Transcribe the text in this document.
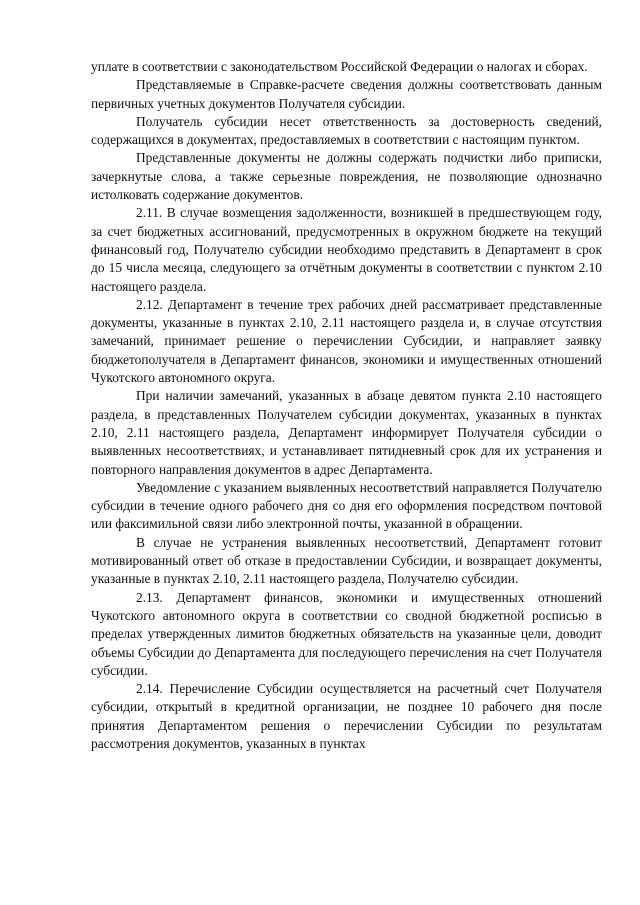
уплате в соответствии с законодательством Российской Федерации о налогах и сборах.

Представляемые в Справке-расчете сведения должны соответствовать данным первичных учетных документов Получателя субсидии.

Получатель субсидии несет ответственность за достоверность сведений, содержащихся в документах, предоставляемых в соответствии с настоящим пунктом.

Представленные документы не должны содержать подчистки либо приписки, зачеркнутые слова, а также серьезные повреждения, не позволяющие однозначно истолковать содержание документов.

2.11. В случае возмещения задолженности, возникшей в предшествующем году, за счет бюджетных ассигнований, предусмотренных в окружном бюджете на текущий финансовый год, Получателю субсидии необходимо представить в Департамент в срок до 15 числа месяца, следующего за отчётным документы в соответствии с пунктом 2.10 настоящего раздела.

2.12. Департамент в течение трех рабочих дней рассматривает представленные документы, указанные в пунктах 2.10, 2.11 настоящего раздела и, в случае отсутствия замечаний, принимает решение о перечислении Субсидии, и направляет заявку бюджетополучателя в Департамент финансов, экономики и имущественных отношений Чукотского автономного округа.

При наличии замечаний, указанных в абзаце девятом пункта 2.10 настоящего раздела, в представленных Получателем субсидии документах, указанных в пунктах 2.10, 2.11 настоящего раздела, Департамент информирует Получателя субсидии о выявленных несоответствиях, и устанавливает пятидневный срок для их устранения и повторного направления документов в адрес Департамента.

Уведомление с указанием выявленных несоответствий направляется Получателю субсидии в течение одного рабочего дня со дня его оформления посредством почтовой или факсимильной связи либо электронной почты, указанной в обращении.

В случае не устранения выявленных несоответствий, Департамент готовит мотивированный ответ об отказе в предоставлении Субсидии, и возвращает документы, указанные в пунктах 2.10, 2.11 настоящего раздела, Получателю субсидии.

2.13. Департамент финансов, экономики и имущественных отношений Чукотского автономного округа в соответствии со сводной бюджетной росписью в пределах утвержденных лимитов бюджетных обязательств на указанные цели, доводит объемы Субсидии до Департамента для последующего перечисления на счет Получателя субсидии.

2.14. Перечисление Субсидии осуществляется на расчетный счет Получателя субсидии, открытый в кредитной организации, не позднее 10 рабочего дня после принятия Департаментом решения о перечислении Субсидии по результатам рассмотрения документов, указанных в пунктах
